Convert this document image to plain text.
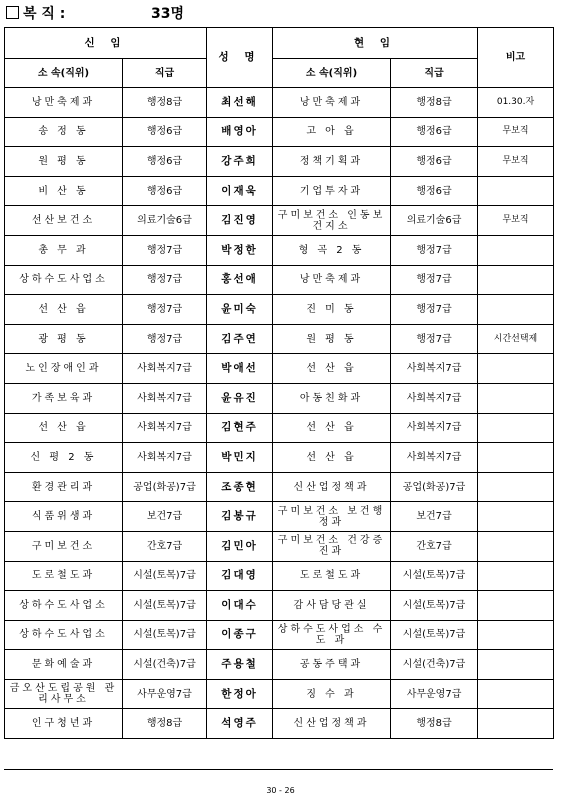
복 직 :	33명
신 임		성 명	현 임		비고
소 속(직위)	직급		소 속(직위)	직급	
낭만축제과	행정8급	최선해	낭만축제과	행정8급	01.30.자
송 정 동	행정6급	배영아	고 아 읍	행정6급	무보직
원 평 동	행정6급	강주희	정책기획과	행정6급	무보직
비 산 동	행정6급	이재욱	기업투자과	행정6급	
선산보건소	의료기술6급	김진영	구미보건소 인동보건지소	의료기술6급	무보직
총 무 과	행정7급	박정한	형 곡 2 동	행정7급	
상하수도사업소	행정7급	홍선애	낭만축제과	행정7급	
선 산 읍	행정7급	윤미숙	진 미 동	행정7급	
광 평 동	행정7급	김주연	원 평 동	행정7급	시간선택제
노인장애인과	사회복지7급	박애선	선 산 읍	사회복지7급	
가족보육과	사회복지7급	윤유진	아동친화과	사회복지7급	
선 산 읍	사회복지7급	김현주	선 산 읍	사회복지7급	
신 평 2 동	사회복지7급	박민지	선 산 읍	사회복지7급	
환경관리과	공업(화공)7급	조종현	신산업정책과	공업(화공)7급	
식품위생과	보건7급	김봉규	구미보건소 보건행정과	보건7급	
구미보건소	간호7급	김민아	구미보건소 건강증진과	간호7급	
도로철도과	시설(토목)7급	김대영	도로철도과	시설(토목)7급	
상하수도사업소	시설(토목)7급	이대수	감사담당관실	시설(토목)7급	
상하수도사업소	시설(토목)7급	이종구	상하수도사업소 수 도 과	시설(토목)7급	
문화예술과	시설(건축)7급	주용철	공동주택과	시설(건축)7급	
금오산도립공원 관리사무소	사무운영7급	한정아	징 수 과	사무운영7급	
인구청년과	행정8급	석영주	신산업정책과	행정8급	
30 - 26
